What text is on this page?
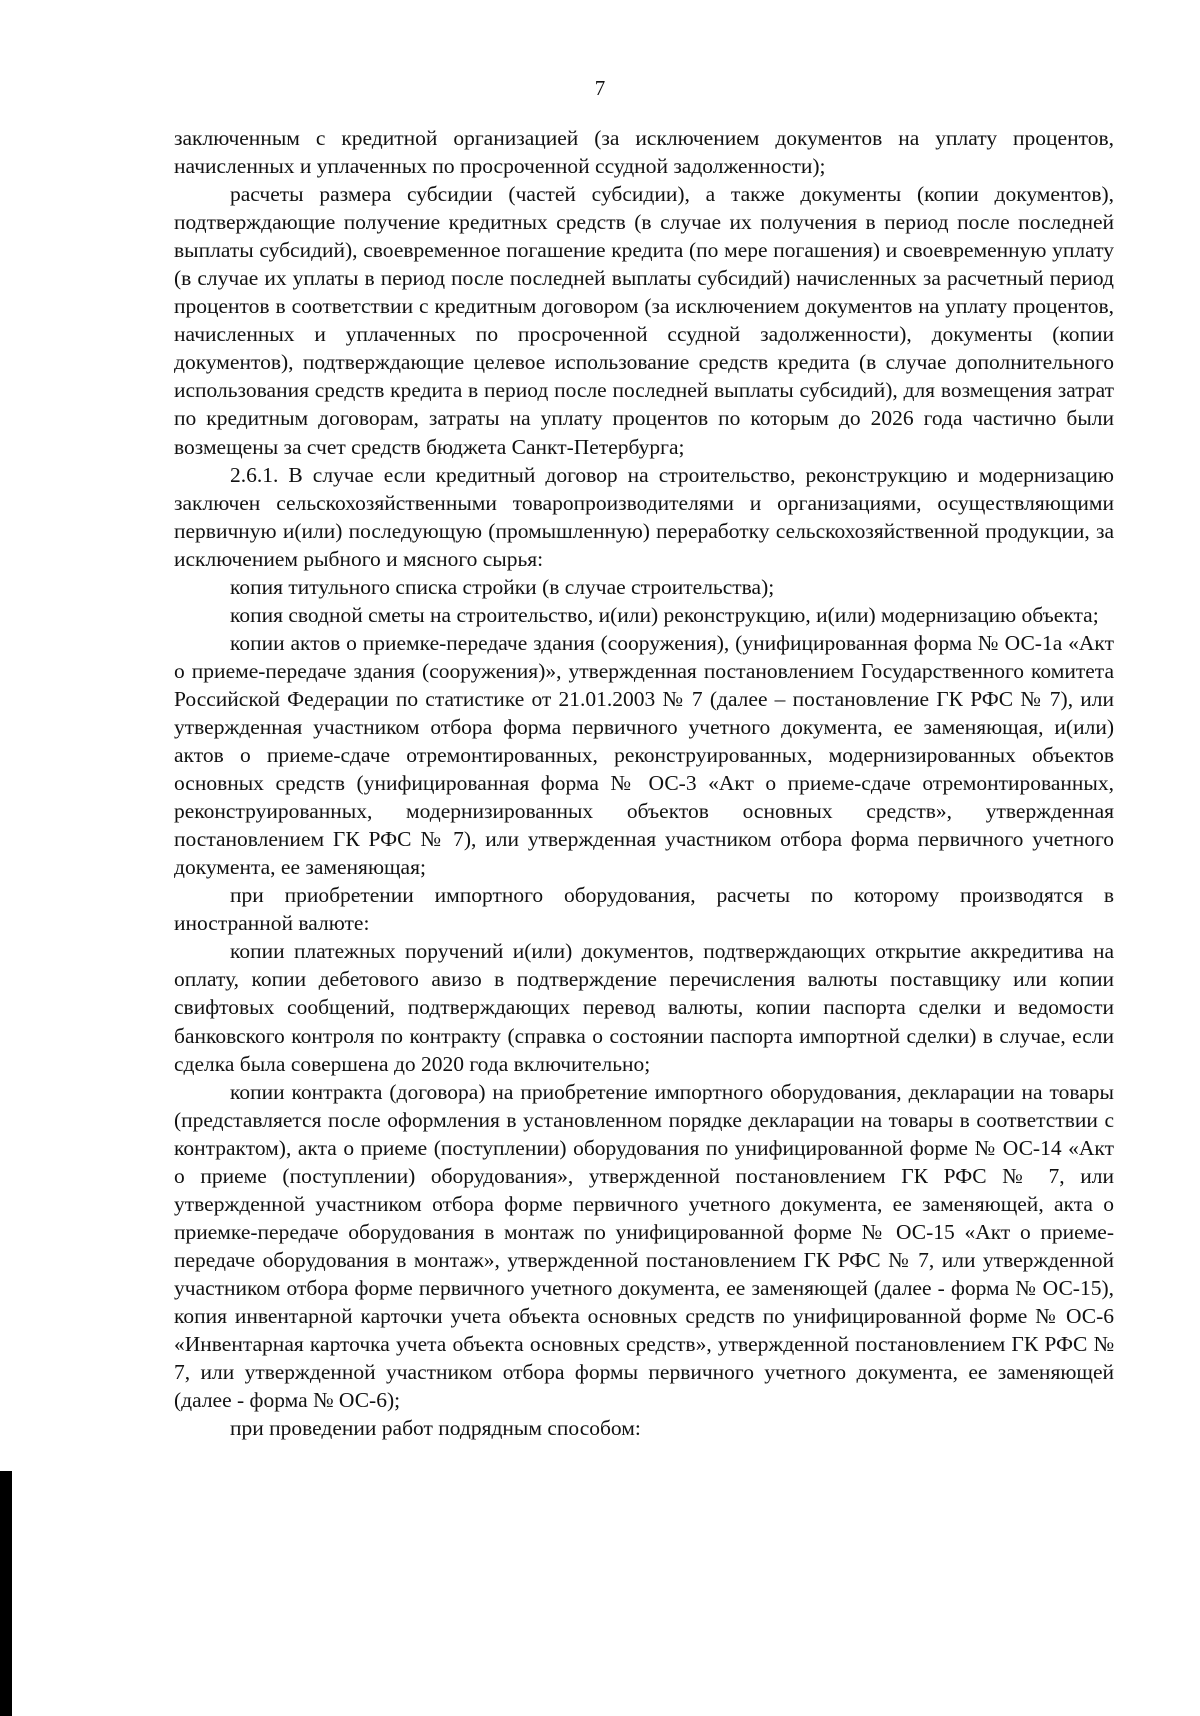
7

заключенным с кредитной организацией (за исключением документов на уплату процентов, начисленных и уплаченных по просроченной ссудной задолженности);

расчеты размера субсидии (частей субсидии), а также документы (копии документов), подтверждающие получение кредитных средств (в случае их получения в период после последней выплаты субсидий), своевременное погашение кредита (по мере погашения) и своевременную уплату (в случае их уплаты в период после последней выплаты субсидий) начисленных за расчетный период процентов в соответствии с кредитным договором (за исключением документов на уплату процентов, начисленных и уплаченных по просроченной ссудной задолженности), документы (копии документов), подтверждающие целевое использование средств кредита (в случае дополнительного использования средств кредита в период после последней выплаты субсидий), для возмещения затрат по кредитным договорам, затраты на уплату процентов по которым до 2026 года частично были возмещены за счет средств бюджета Санкт-Петербурга;

2.6.1. В случае если кредитный договор на строительство, реконструкцию и модернизацию заключен сельскохозяйственными товаропроизводителями и организациями, осуществляющими первичную и(или) последующую (промышленную) переработку сельскохозяйственной продукции, за исключением рыбного и мясного сырья:

копия титульного списка стройки (в случае строительства);

копия сводной сметы на строительство, и(или) реконструкцию, и(или) модернизацию объекта;

копии актов о приемке-передаче здания (сооружения), (унифицированная форма № ОС-1а «Акт о приеме-передаче здания (сооружения)», утвержденная постановлением Государственного комитета Российской Федерации по статистике от 21.01.2003 № 7 (далее – постановление ГК РФС № 7), или утвержденная участником отбора форма первичного учетного документа, ее заменяющая, и(или) актов о приеме-сдаче отремонтированных, реконструированных, модернизированных объектов основных средств (унифицированная форма № ОС-3 «Акт о приеме-сдаче отремонтированных, реконструированных, модернизированных объектов основных средств», утвержденная постановлением ГК РФС № 7), или утвержденная участником отбора форма первичного учетного документа, ее заменяющая;

при приобретении импортного оборудования, расчеты по которому производятся в иностранной валюте:

копии платежных поручений и(или) документов, подтверждающих открытие аккредитива на оплату, копии дебетового авизо в подтверждение перечисления валюты поставщику или копии свифтовых сообщений, подтверждающих перевод валюты, копии паспорта сделки и ведомости банковского контроля по контракту (справка о состоянии паспорта импортной сделки) в случае, если сделка была совершена до 2020 года включительно;

копии контракта (договора) на приобретение импортного оборудования, декларации на товары (представляется после оформления в установленном порядке декларации на товары в соответствии с контрактом), акта о приеме (поступлении) оборудования по унифицированной форме № ОС-14 «Акт о приеме (поступлении) оборудования», утвержденной постановлением ГК РФС № 7, или утвержденной участником отбора форме первичного учетного документа, ее заменяющей, акта о приемке-передаче оборудования в монтаж по унифицированной форме № ОС-15 «Акт о приеме-передаче оборудования в монтаж», утвержденной постановлением ГК РФС № 7, или утвержденной участником отбора форме первичного учетного документа, ее заменяющей (далее - форма № ОС-15), копия инвентарной карточки учета объекта основных средств по унифицированной форме № ОС-6 «Инвентарная карточка учета объекта основных средств», утвержденной постановлением ГК РФС № 7, или утвержденной участником отбора формы первичного учетного документа, ее заменяющей (далее - форма № ОС-6);

при проведении работ подрядным способом:
